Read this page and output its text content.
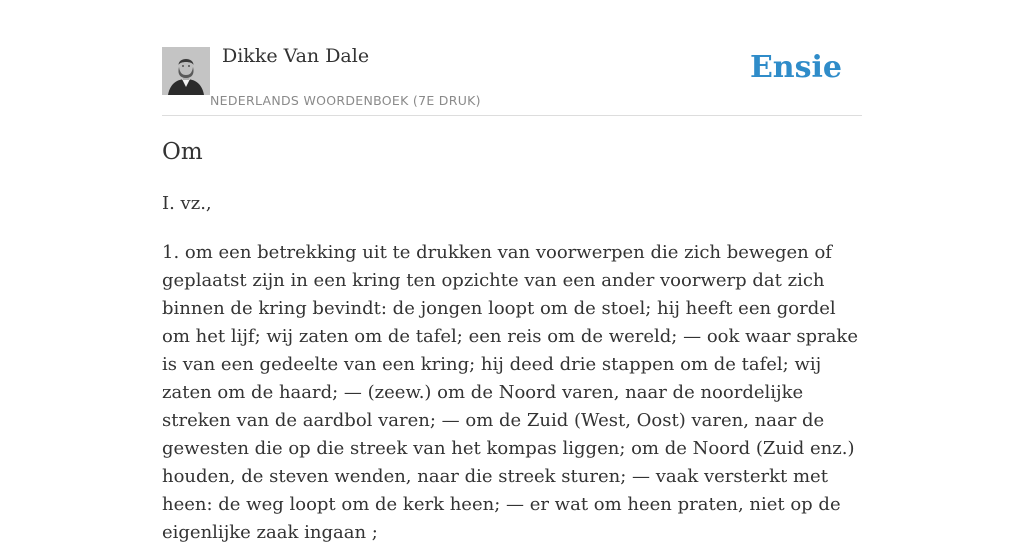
Dikke Van Dale
NEDERLANDS WOORDENBOEK (7E DRUK)
Ensie
Om
I. vz.,

1. om een betrekking uit te drukken van voorwerpen die zich bewegen of geplaatst zijn in een kring ten opzichte van een ander voorwerp dat zich binnen de kring bevindt: de jongen loopt om de stoel; hij heeft een gordel om het lijf; wij zaten om de tafel; een reis om de wereld; — ook waar sprake is van een gedeelte van een kring; hij deed drie stappen om de tafel; wij zaten om de haard; — (zeew.) om de Noord varen, naar de noordelijke streken van de aardbol varen; — om de Zuid (West, Oost) varen, naar de gewesten die op die streek van het kompas liggen; om de Noord (Zuid enz.) houden, de steven wenden, naar die streek sturen; — vaak versterkt met heen: de weg loopt om de kerk heen; — er wat om heen praten, niet op de eigenlijke zaak ingaan ;
